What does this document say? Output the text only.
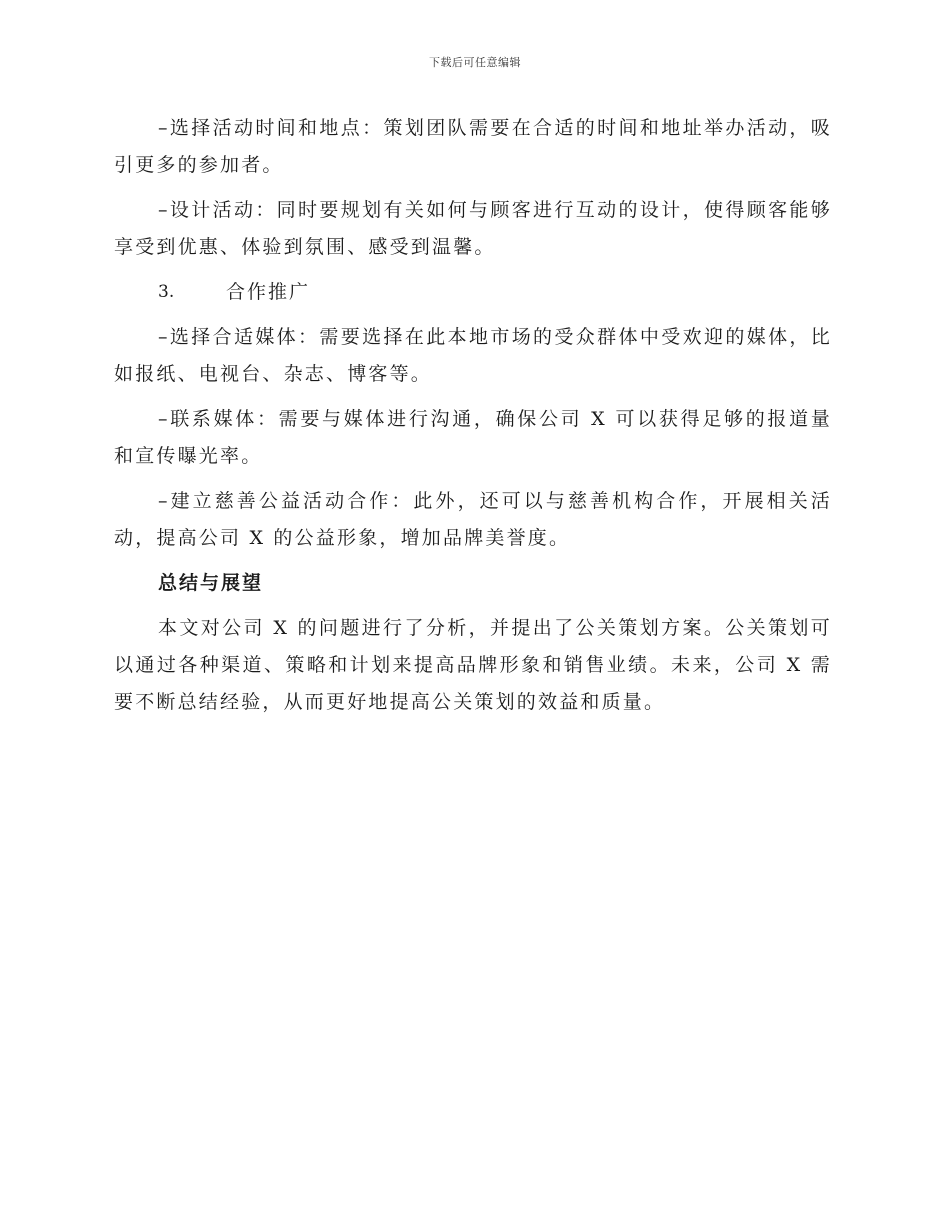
下载后可任意编辑

–选择活动时间和地点：策划团队需要在合适的时间和地址举办活动，吸引更多的参加者。

–设计活动：同时要规划有关如何与顾客进行互动的设计，使得顾客能够享受到优惠、体验到氛围、感受到温馨。

3.	合作推广

–选择合适媒体：需要选择在此本地市场的受众群体中受欢迎的媒体，比如报纸、电视台、杂志、博客等。

–联系媒体：需要与媒体进行沟通，确保公司 X 可以获得足够的报道量和宣传曝光率。

–建立慈善公益活动合作：此外，还可以与慈善机构合作，开展相关活动，提高公司 X 的公益形象，增加品牌美誉度。

总结与展望

本文对公司 X 的问题进行了分析，并提出了公关策划方案。公关策划可以通过各种渠道、策略和计划来提高品牌形象和销售业绩。未来，公司 X 需要不断总结经验，从而更好地提高公关策划的效益和质量。
